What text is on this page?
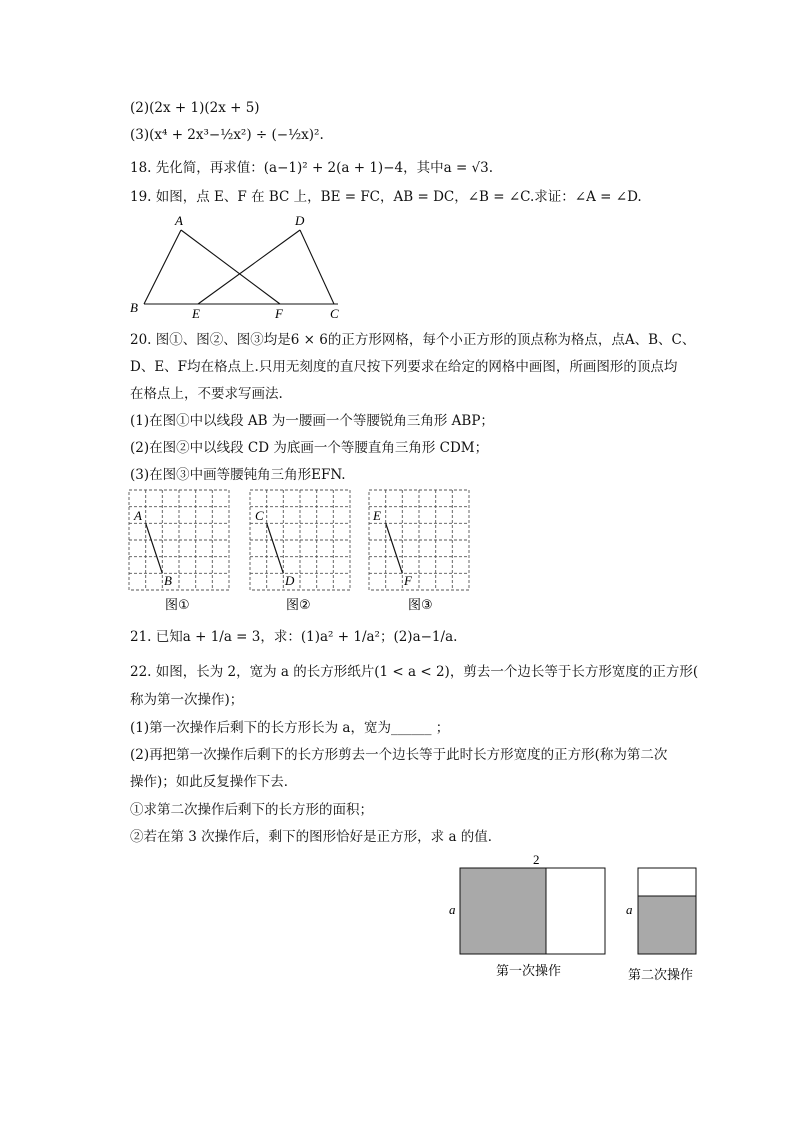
(2)(2x + 1)(2x + 5)
(3)(x⁴ + 2x³−½x²) ÷ (−½x)².
18. 先化简，再求值：(a−1)² + 2(a + 1)−4，其中a = √3.
19. 如图，点 E、F 在 BC 上，BE = FC，AB = DC，∠B = ∠C.求证：∠A = ∠D.
A	D
B	E	F	C
20. 图①、图②、图③均是6 × 6的正方形网格，每个小正方形的顶点称为格点，点A、B、C、
D、E、F均在格点上.只用无刻度的直尺按下列要求在给定的网格中画图，所画图形的顶点均
在格点上，不要求写画法.
(1)在图①中以线段 AB 为一腰画一个等腰锐角三角形 ABP；
(2)在图②中以线段 CD 为底画一个等腰直角三角形 CDM；
(3)在图③中画等腰钝角三角形EFN.
A
B
图①
C
D
图②
E
F
图③
21. 已知a + 1/a = 3，求：(1)a² + 1/a²；(2)a−1/a.
22. 如图，长为 2，宽为 a 的长方形纸片(1 < a < 2)，剪去一个边长等于长方形宽度的正方形(
称为第一次操作)；
(1)第一次操作后剩下的长方形长为 a，宽为______ ；
(2)再把第一次操作后剩下的长方形剪去一个边长等于此时长方形宽度的正方形(称为第二次
操作)；如此反复操作下去．
①求第二次操作后剩下的长方形的面积；
②若在第 3 次操作后，剩下的图形恰好是正方形，求 a 的值．
2
a
第一次操作
a
第二次操作
